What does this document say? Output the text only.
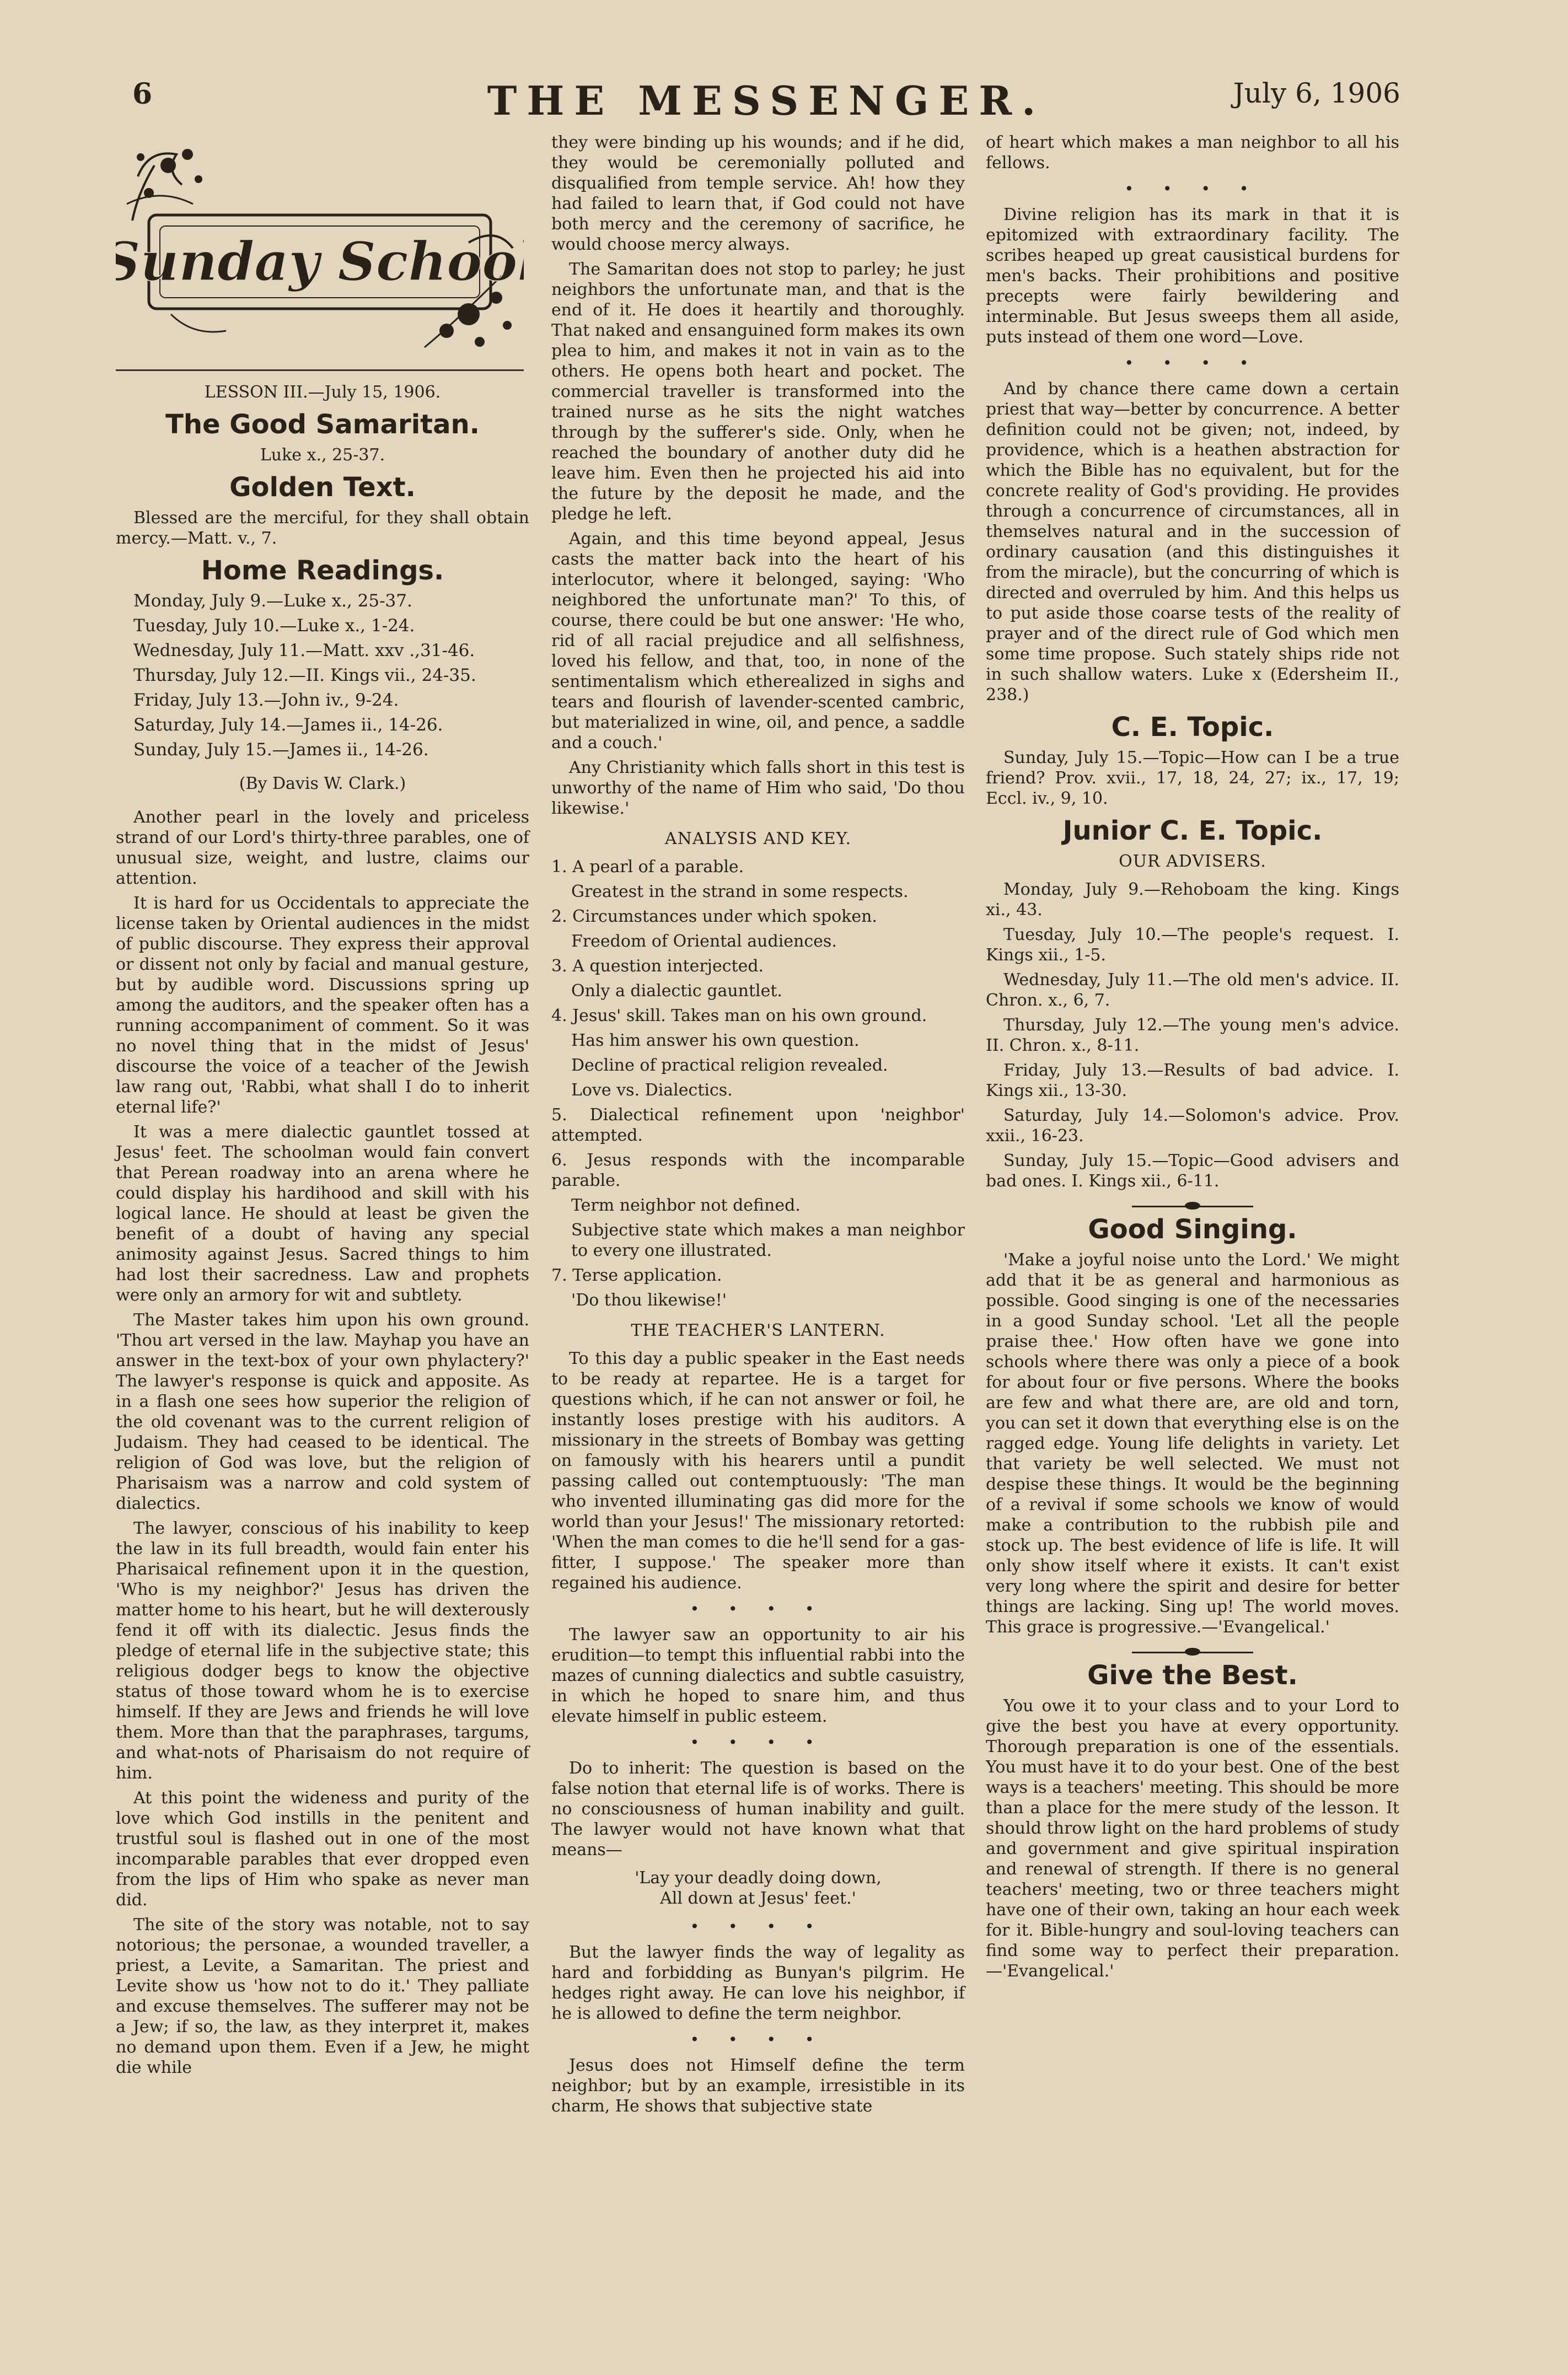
6	THE MESSENGER.	July 6, 1906
Sunday School
LESSON III.—July 15, 1906.
The Good Samaritan.
Luke x., 25-37.
Golden Text.

Blessed are the merciful, for they shall obtain mercy.—Matt. v., 7.

Home Readings.

Monday, July 9.—Luke x., 25-37.

Tuesday, July 10.—Luke x., 1-24.

Wednesday, July 11.—Matt. xxv .,31-46.

Thursday, July 12.—II. Kings vii., 24-35.

Friday, July 13.—John iv., 9-24.

Saturday, July 14.—James ii., 14-26.

Sunday, July 15.—James ii., 14-26.

(By Davis W. Clark.)

Another pearl in the lovely and priceless strand of our Lord's thirty-three parables, one of unusual size, weight, and lustre, claims our attention.

It is hard for us Occidentals to appreciate the license taken by Oriental audiences in the midst of public discourse. They express their approval or dissent not only by facial and manual gesture, but by audible word. Discussions spring up among the auditors, and the speaker often has a running accompaniment of comment. So it was no novel thing that in the midst of Jesus' discourse the voice of a teacher of the Jewish law rang out, 'Rabbi, what shall I do to inherit eternal life?'

It was a mere dialectic gauntlet tossed at Jesus' feet. The schoolman would fain convert that Perean roadway into an arena where he could display his hardihood and skill with his logical lance. He should at least be given the benefit of a doubt of having any special animosity against Jesus. Sacred things to him had lost their sacredness. Law and prophets were only an armory for wit and subtlety.

The Master takes him upon his own ground. 'Thou art versed in the law. Mayhap you have an answer in the text-box of your own phylactery?' The lawyer's response is quick and apposite. As in a flash one sees how superior the religion of the old covenant was to the current religion of Judaism. They had ceased to be identical. The religion of God was love, but the religion of Pharisaism was a narrow and cold system of dialectics.

The lawyer, conscious of his inability to keep the law in its full breadth, would fain enter his Pharisaical refinement upon it in the question, 'Who is my neighbor?' Jesus has driven the matter home to his heart, but he will dexterously fend it off with its dialectic. Jesus finds the pledge of eternal life in the subjective state; this religious dodger begs to know the objective status of those toward whom he is to exercise himself. If they are Jews and friends he will love them. More than that the paraphrases, targums, and what-nots of Pharisaism do not require of him.

At this point the wideness and purity of the love which God instills in the penitent and trustful soul is flashed out in one of the most incomparable parables that ever dropped even from the lips of Him who spake as never man did.

The site of the story was notable, not to say notorious; the personae, a wounded traveller, a priest, a Levite, a Samaritan. The priest and Levite show us 'how not to do it.' They palliate and excuse themselves. The sufferer may not be a Jew; if so, the law, as they interpret it, makes no demand upon them. Even if a Jew, he might die while

they were binding up his wounds; and if he did, they would be ceremonially polluted and disqualified from temple service. Ah! how they had failed to learn that, if God could not have both mercy and the ceremony of sacrifice, he would choose mercy always.

The Samaritan does not stop to parley; he just neighbors the unfortunate man, and that is the end of it. He does it heartily and thoroughly. That naked and ensanguined form makes its own plea to him, and makes it not in vain as to the others. He opens both heart and pocket. The commercial traveller is transformed into the trained nurse as he sits the night watches through by the sufferer's side. Only, when he reached the boundary of another duty did he leave him. Even then he projected his aid into the future by the deposit he made, and the pledge he left.

Again, and this time beyond appeal, Jesus casts the matter back into the heart of his interlocutor, where it belonged, saying: 'Who neighbored the unfortunate man?' To this, of course, there could be but one answer: 'He who, rid of all racial prejudice and all selfishness, loved his fellow, and that, too, in none of the sentimentalism which etherealized in sighs and tears and flourish of lavender-scented cambric, but materialized in wine, oil, and pence, a saddle and a couch.'

Any Christianity which falls short in this test is unworthy of the name of Him who said, 'Do thou likewise.'

ANALYSIS AND KEY.

1. A pearl of a parable.

Greatest in the strand in some respects.

2. Circumstances under which spoken.

Freedom of Oriental audiences.

3. A question interjected.

Only a dialectic gauntlet.

4. Jesus' skill. Takes man on his own ground.

Has him answer his own question.

Decline of practical religion revealed.

Love vs. Dialectics.

5. Dialectical refinement upon 'neighbor' attempted.

6. Jesus responds with the incomparable parable.

Term neighbor not defined.

Subjective state which makes a man neighbor to every one illustrated.

7. Terse application.

'Do thou likewise!'

THE TEACHER'S LANTERN.

To this day a public speaker in the East needs to be ready at repartee. He is a target for questions which, if he can not answer or foil, he instantly loses prestige with his auditors. A missionary in the streets of Bombay was getting on famously with his hearers until a pundit passing called out contemptuously: 'The man who invented illuminating gas did more for the world than your Jesus!' The missionary retorted: 'When the man comes to die he'll send for a gas-fitter, I suppose.' The speaker more than regained his audience.

• • • •

The lawyer saw an opportunity to air his erudition—to tempt this influential rabbi into the mazes of cunning dialectics and subtle casuistry, in which he hoped to snare him, and thus elevate himself in public esteem.

• • • •

Do to inherit: The question is based on the false notion that eternal life is of works. There is no consciousness of human inability and guilt. The lawyer would not have known what that means—

'Lay your deadly doing down,
All down at Jesus' feet.'
• • • •

But the lawyer finds the way of legality as hard and forbidding as Bunyan's pilgrim. He hedges right away. He can love his neighbor, if he is allowed to define the term neighbor.

• • • •

Jesus does not Himself define the term neighbor; but by an example, irresistible in its charm, He shows that subjective state

of heart which makes a man neighbor to all his fellows.

• • • •

Divine religion has its mark in that it is epitomized with extraordinary facility. The scribes heaped up great causistical burdens for men's backs. Their prohibitions and positive precepts were fairly bewildering and interminable. But Jesus sweeps them all aside, puts instead of them one word—Love.

• • • •

And by chance there came down a certain priest that way—better by concurrence. A better definition could not be given; not, indeed, by providence, which is a heathen abstraction for which the Bible has no equivalent, but for the concrete reality of God's providing. He provides through a concurrence of circumstances, all in themselves natural and in the succession of ordinary causation (and this distinguishes it from the miracle), but the concurring of which is directed and overruled by him. And this helps us to put aside those coarse tests of the reality of prayer and of the direct rule of God which men some time propose. Such stately ships ride not in such shallow waters. Luke x (Edersheim II., 238.)

C. E. Topic.

Sunday, July 15.—Topic—How can I be a true friend? Prov. xvii., 17, 18, 24, 27; ix., 17, 19; Eccl. iv., 9, 10.

Junior C. E. Topic.
OUR ADVISERS.

Monday, July 9.—Rehoboam the king. Kings xi., 43.

Tuesday, July 10.—The people's request. I. Kings xii., 1-5.

Wednesday, July 11.—The old men's advice. II. Chron. x., 6, 7.

Thursday, July 12.—The young men's advice. II. Chron. x., 8-11.

Friday, July 13.—Results of bad advice. I. Kings xii., 13-30.

Saturday, July 14.—Solomon's advice. Prov. xxii., 16-23.

Sunday, July 15.—Topic—Good advisers and bad ones. I. Kings xii., 6-11.

Good Singing.

'Make a joyful noise unto the Lord.' We might add that it be as general and harmonious as possible. Good singing is one of the necessaries in a good Sunday school. 'Let all the people praise thee.' How often have we gone into schools where there was only a piece of a book for about four or five persons. Where the books are few and what there are, are old and torn, you can set it down that everything else is on the ragged edge. Young life delights in variety. Let that variety be well selected. We must not despise these things. It would be the beginning of a revival if some schools we know of would make a contribution to the rubbish pile and stock up. The best evidence of life is life. It will only show itself where it exists. It can't exist very long where the spirit and desire for better things are lacking. Sing up! The world moves. This grace is progressive.—'Evangelical.'

Give the Best.

You owe it to your class and to your Lord to give the best you have at every opportunity. Thorough preparation is one of the essentials. You must have it to do your best. One of the best ways is a teachers' meeting. This should be more than a place for the mere study of the lesson. It should throw light on the hard problems of study and government and give spiritual inspiration and renewal of strength. If there is no general teachers' meeting, two or three teachers might have one of their own, taking an hour each week for it. Bible-hungry and soul-loving teachers can find some way to perfect their preparation.—'Evangelical.'
